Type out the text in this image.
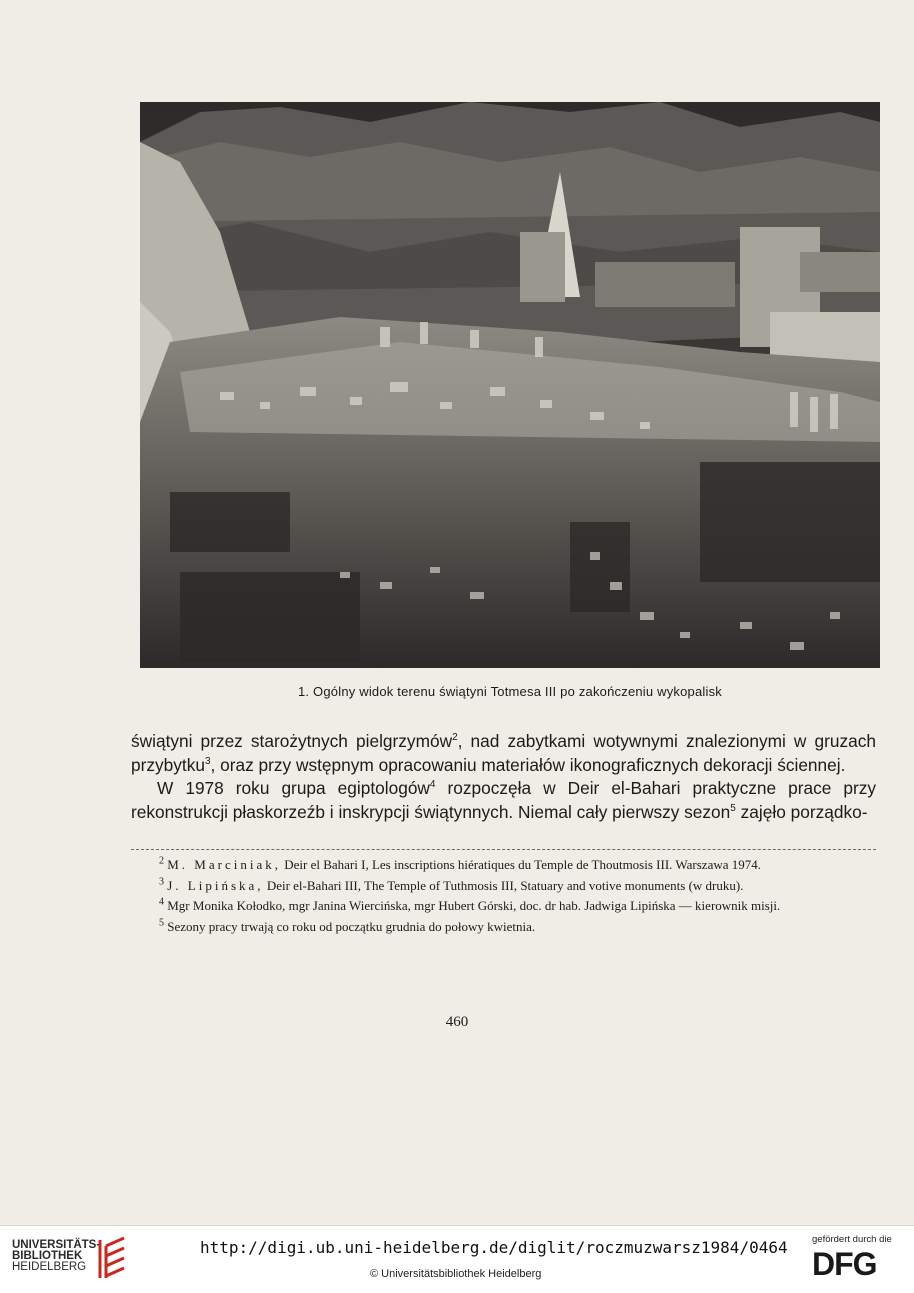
1. Ogólny widok terenu świątyni Totmesa III po zakończeniu wykopalisk

świątyni przez starożytnych pielgrzymów$^2$, nad zabytkami wotywnymi znalezionymi w gruzach przybytku$^3$, oraz przy wstępnym opracowaniu materiałów ikonograficznych dekoracji ściennej.

W 1978 roku grupa egiptologów$^4$ rozpoczęła w Deir el-Bahari praktyczne prace przy rekonstrukcji płaskorzeźb i inskrypcji świątynnych. Niemal cały pierwszy sezon$^5$ zajęło porządko-

$^2$ M. Marciniak, Deir el Bahari I, Les inscriptions hiératiques du Temple de Thoutmosis III. Warszawa 1974.

$^3$ J. Lipińska, Deir el-Bahari III, The Temple of Tuthmosis III, Statuary and votive monuments (w druku).

$^4$ Mgr Monika Kołodko, mgr Janina Wiercińska, mgr Hubert Górski, doc. dr hab. Jadwiga Lipińska — kierownik misji.

$^5$ Sezony pracy trwają co roku od początku grudnia do połowy kwietnia.

460
UNIVERSITÄTS-
BIBLIOTHEK
HEIDELBERG
http://digi.ub.uni-heidelberg.de/diglit/roczmuzwarsz1984/0464
© Universitätsbibliothek Heidelberg
gefördert durch die
DFG
